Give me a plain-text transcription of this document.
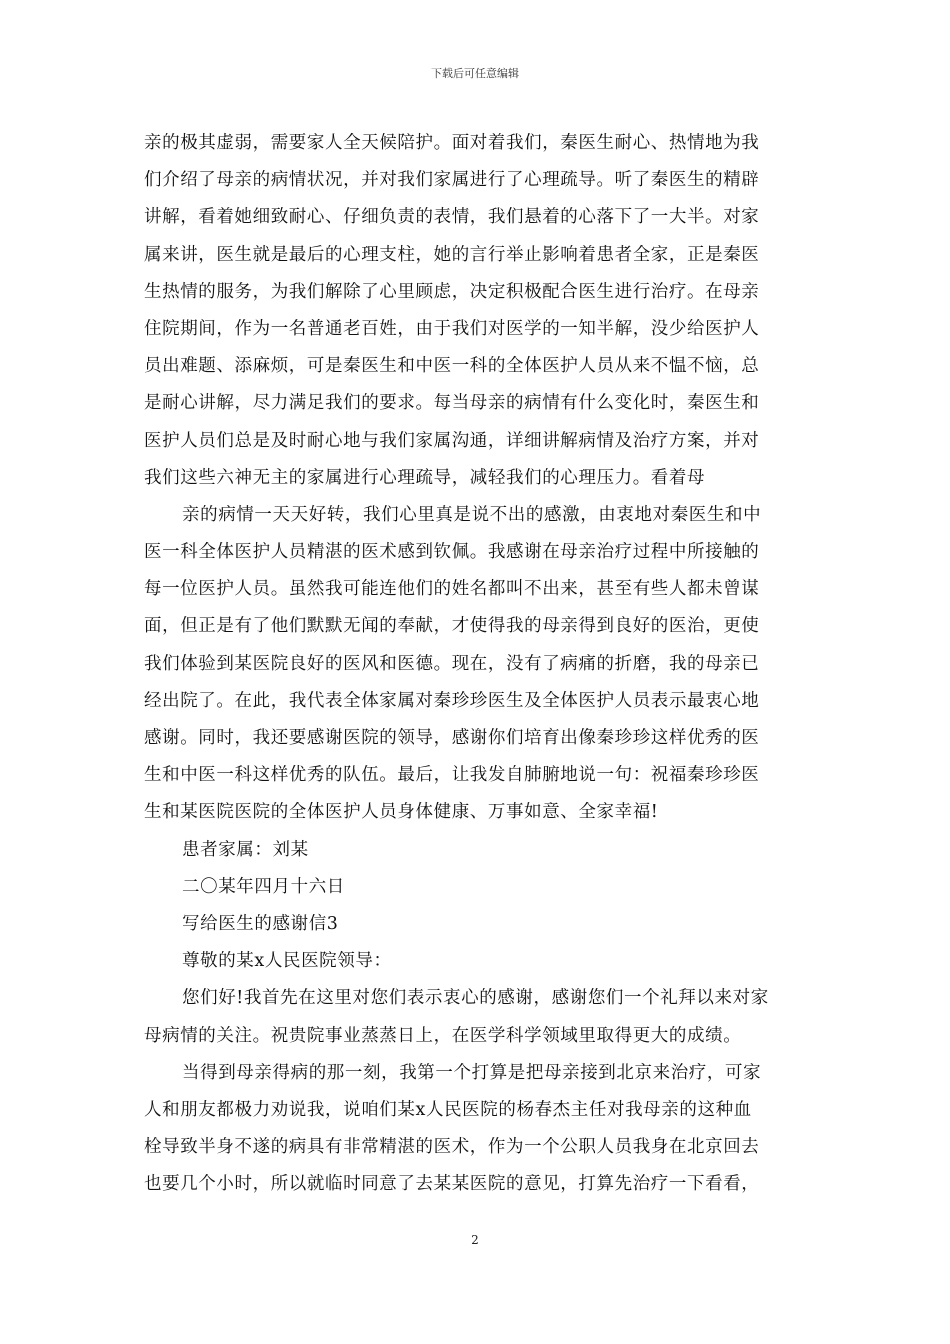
下载后可任意编辑
亲的极其虚弱，需要家人全天候陪护。面对着我们，秦医生耐心、热情地为我
们介绍了母亲的病情状况，并对我们家属进行了心理疏导。听了秦医生的精辟
讲解，看着她细致耐心、仔细负责的表情，我们悬着的心落下了一大半。对家
属来讲，医生就是最后的心理支柱，她的言行举止影响着患者全家，正是秦医
生热情的服务，为我们解除了心里顾虑，决定积极配合医生进行治疗。在母亲
住院期间，作为一名普通老百姓，由于我们对医学的一知半解，没少给医护人
员出难题、添麻烦，可是秦医生和中医一科的全体医护人员从来不愠不恼，总
是耐心讲解，尽力满足我们的要求。每当母亲的病情有什么变化时，秦医生和
医护人员们总是及时耐心地与我们家属沟通，详细讲解病情及治疗方案，并对
我们这些六神无主的家属进行心理疏导，减轻我们的心理压力。看着母
亲的病情一天天好转，我们心里真是说不出的感激，由衷地对秦医生和中
医一科全体医护人员精湛的医术感到钦佩。我感谢在母亲治疗过程中所接触的
每一位医护人员。虽然我可能连他们的姓名都叫不出来，甚至有些人都未曾谋
面，但正是有了他们默默无闻的奉献，才使得我的母亲得到良好的医治，更使
我们体验到某医院良好的医风和医德。现在，没有了病痛的折磨，我的母亲已
经出院了。在此，我代表全体家属对秦珍珍医生及全体医护人员表示最衷心地
感谢。同时，我还要感谢医院的领导，感谢你们培育出像秦珍珍这样优秀的医
生和中医一科这样优秀的队伍。最后，让我发自肺腑地说一句：祝福秦珍珍医
生和某医院医院的全体医护人员身体健康、万事如意、全家幸福!
患者家属：刘某
二〇某年四月十六日
写给医生的感谢信3
尊敬的某x人民医院领导：
您们好!我首先在这里对您们表示衷心的感谢，感谢您们一个礼拜以来对家
母病情的关注。祝贵院事业蒸蒸日上，在医学科学领域里取得更大的成绩。
当得到母亲得病的那一刻，我第一个打算是把母亲接到北京来治疗，可家
人和朋友都极力劝说我，说咱们某x人民医院的杨春杰主任对我母亲的这种血
栓导致半身不遂的病具有非常精湛的医术，作为一个公职人员我身在北京回去
也要几个小时，所以就临时同意了去某某医院的意见，打算先治疗一下看看，
2
